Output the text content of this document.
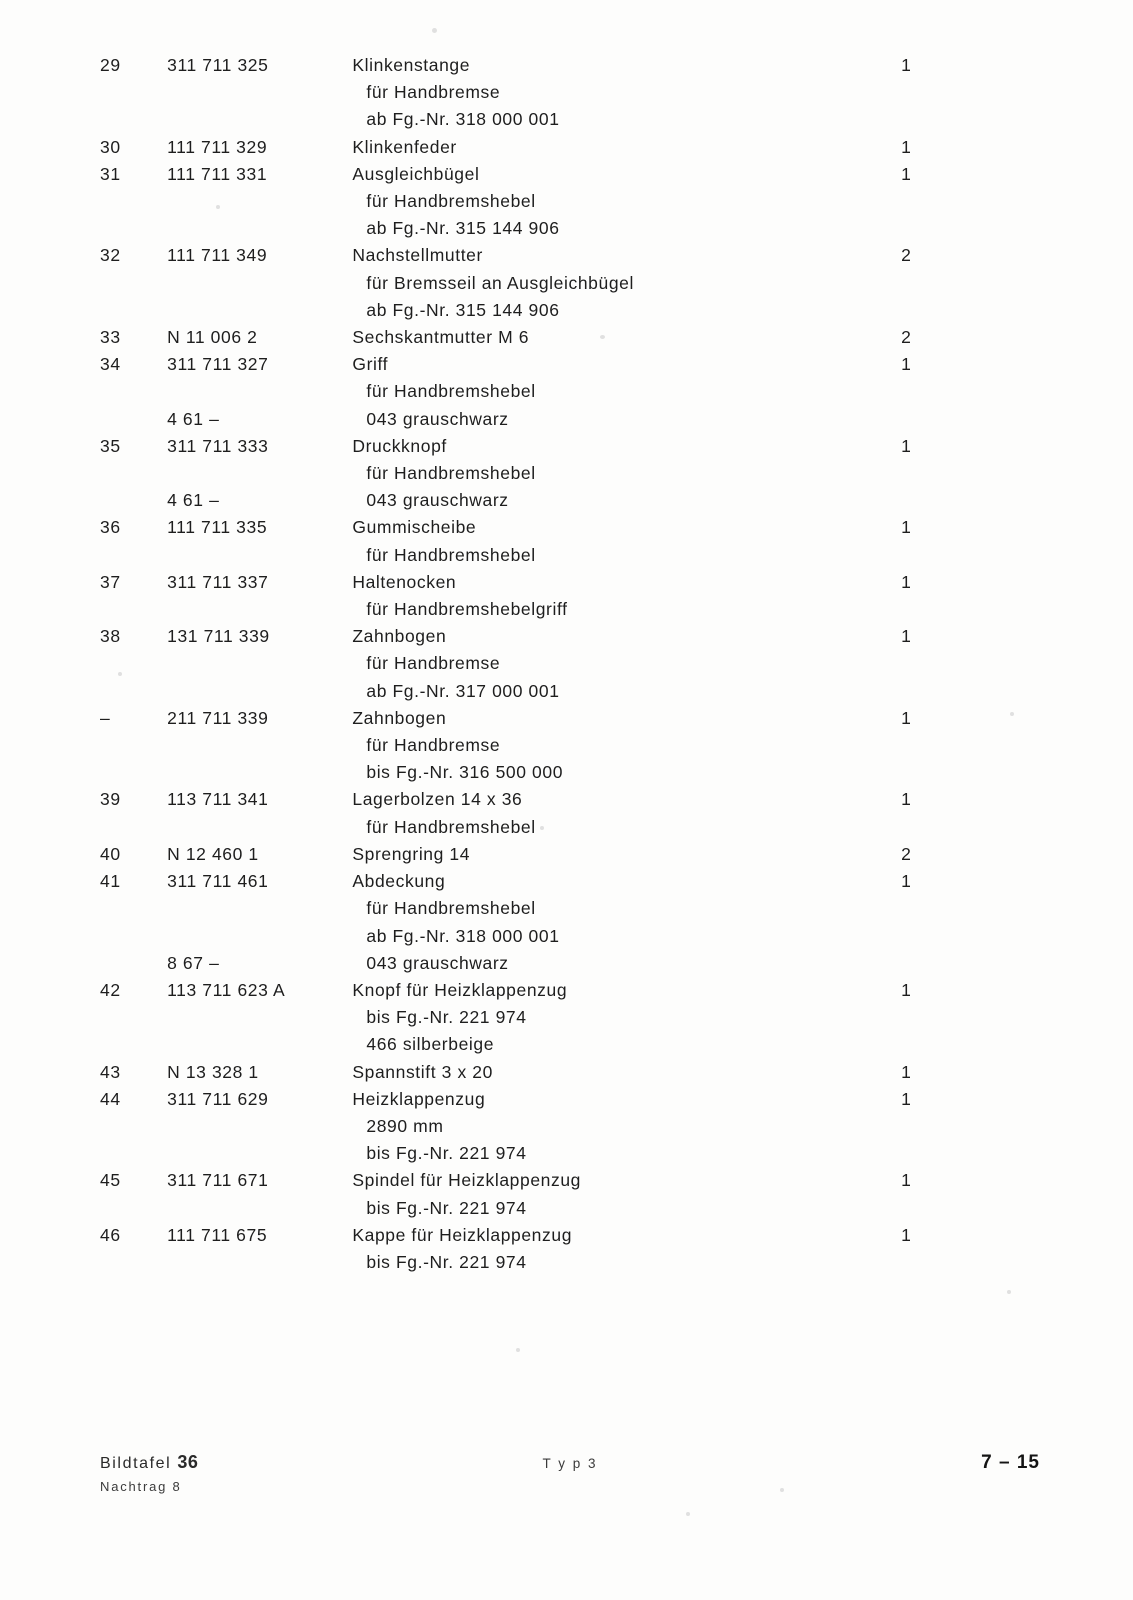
29	311 711 325	Klinkenstange	1
		für Handbremse	
		ab Fg.-Nr. 318 000 001	
30	111 711 329	Klinkenfeder	1
31	111 711 331	Ausgleichbügel	1
		für Handbremshebel	
		ab Fg.-Nr. 315 144 906	
32	111 711 349	Nachstellmutter	2
		für Bremsseil an Ausgleichbügel	
		ab Fg.-Nr. 315 144 906	
33	N 11 006 2	Sechskantmutter M 6	2
34	311 711 327	Griff	1
		für Handbremshebel	
	4 61 –	043 grauschwarz	
35	311 711 333	Druckknopf	1
		für Handbremshebel	
	4 61 –	043 grauschwarz	
36	111 711 335	Gummischeibe	1
		für Handbremshebel	
37	311 711 337	Haltenocken	1
		für Handbremshebelgriff	
38	131 711 339	Zahnbogen	1
		für Handbremse	
		ab Fg.-Nr. 317 000 001	
–	211 711 339	Zahnbogen	1
		für Handbremse	
		bis Fg.-Nr. 316 500 000	
39	113 711 341	Lagerbolzen 14 x 36	1
		für Handbremshebel	
40	N 12 460 1	Sprengring 14	2
41	311 711 461	Abdeckung	1
		für Handbremshebel	
		ab Fg.-Nr. 318 000 001	
	8 67 –	043 grauschwarz	
42	113 711 623 A	Knopf für Heizklappenzug	1
		bis Fg.-Nr. 221 974	
		466 silberbeige	
43	N 13 328 1	Spannstift 3 x 20	1
44	311 711 629	Heizklappenzug	1
		2890 mm	
		bis Fg.-Nr. 221 974	
45	311 711 671	Spindel für Heizklappenzug	1
		bis Fg.-Nr. 221 974	
46	111 711 675	Kappe für Heizklappenzug	1
		bis Fg.-Nr. 221 974	
Bildtafel 36
Nachtrag 8
T y p 3	7 – 15
